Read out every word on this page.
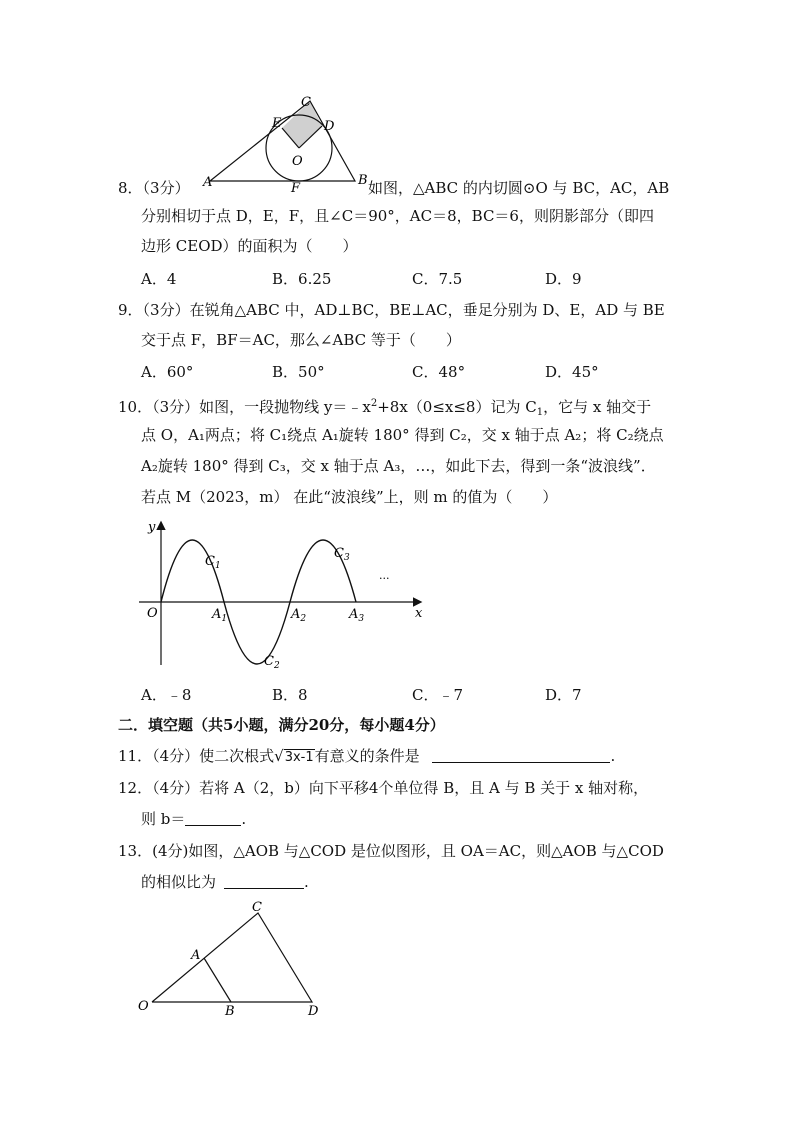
C
E	D
O
A	F
B
8．（3分）	如图，△ABC 的内切圆⊙O 与 BC，AC，AB
分别相切于点 D，E，F，且∠C＝90°，AC＝8，BC＝6，则阴影部分（即四
边形 CEOD）的面积为（　　）
A．4	B．6.25	C．7.5	D．9
9．（3分）在锐角△ABC 中，AD⊥BC，BE⊥AC，垂足分别为 D、E，AD 与 BE
交于点 F，BF＝AC，那么∠ABC 等于（　　）
A．60°	B．50°	C．48°	D．45°
10．（3分）如图，一段抛物线 $y=﹣x^2+8x(0\le x\le 8)$记为 $C_1$，它与 x 轴交于
点 O，A₁两点；将 C₁绕点 A₁旋转 180° 得到 C₂，交 x 轴于点 A₂；将 C₂绕点
A₂旋转 180° 得到 C₃，交 x 轴于点 A₃，…，如此下去，得到一条“波浪线”．
若点 M（2023，m） 在此“波浪线”上，则 m 的值为（　　）
y
x
O
$C_1$
$C_2$
$C_3$
$A_1$	$A_2$	$A_3$
...
A．﹣8	B．8	C．﹣7	D．7
二．填空题（共5小题，满分20分，每小题4分）
11．（4分）使二次根式√3x-1有意义的条件是	.
12．（4分）若将 A（2，b）向下平移4个单位得 B，且 A 与 B 关于 x 轴对称，
则 b＝	.
13．(4分)如图，△AOB 与△COD 是位似图形，且 OA＝AC，则△AOB 与△COD
的相似比为	.
C
A
O	B	D
